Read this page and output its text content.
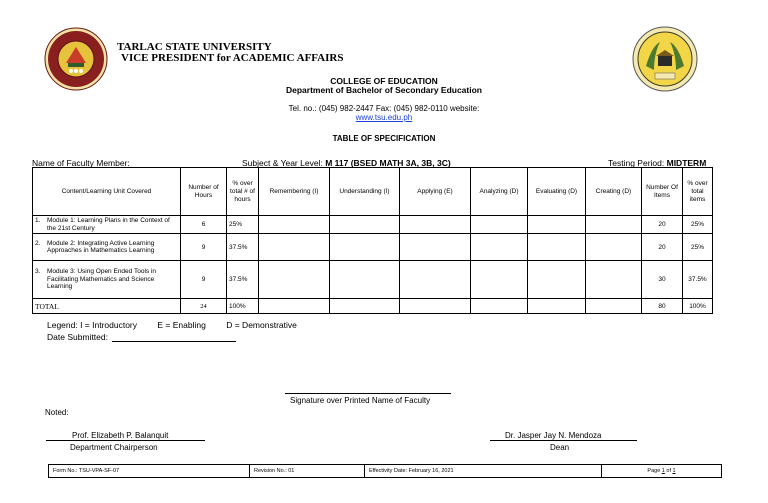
TARLAC STATE UNIVERSITY
VICE PRESIDENT for ACADEMIC AFFAIRS
COLLEGE OF EDUCATION
Department of Bachelor of Secondary Education
Tel. no.: (045) 982-2447 Fax: (045) 982-0110 website:
www.tsu.edu.ph
TABLE OF SPECIFICATION
Name of Faculty Member:	Subject & Year Level: M 117 (BSED MATH 3A, 3B, 3C)	Testing Period: MIDTERM
Content/Learning Unit Covered	Number of Hours	% over total # of hours	Remembering (I)	Understanding (I)	Applying (E)	Analyzing (D)	Evaluating (D)	Creating (D)	Number Of Items	% over total items

1. Module 1: Learning Plans in the Context of the 21st Century	6	25%							20	25%

2. Module 2: Integrating Active Learning Approaches in Mathematics Learning	9	37.5%							20	25%

3. Module 3: Using Open Ended Tools in Facilitating Mathematics and Science Learning	9	37.5%							30	37.5%
TOTAL	24	100%							80	100%
Legend: I = Introductory E = Enabling D = Demonstrative
Date Submitted:
Signature over Printed Name of Faculty
Noted:
Prof. Elizabeth P. Balanquit
Department Chairperson
Dr. Jasper Jay N. Mendoza
Dean
Form No.: TSU-VPA-SF-07	Revision No.: 01	Effectivity Date: February 16, 2021	Page 1 of 1
